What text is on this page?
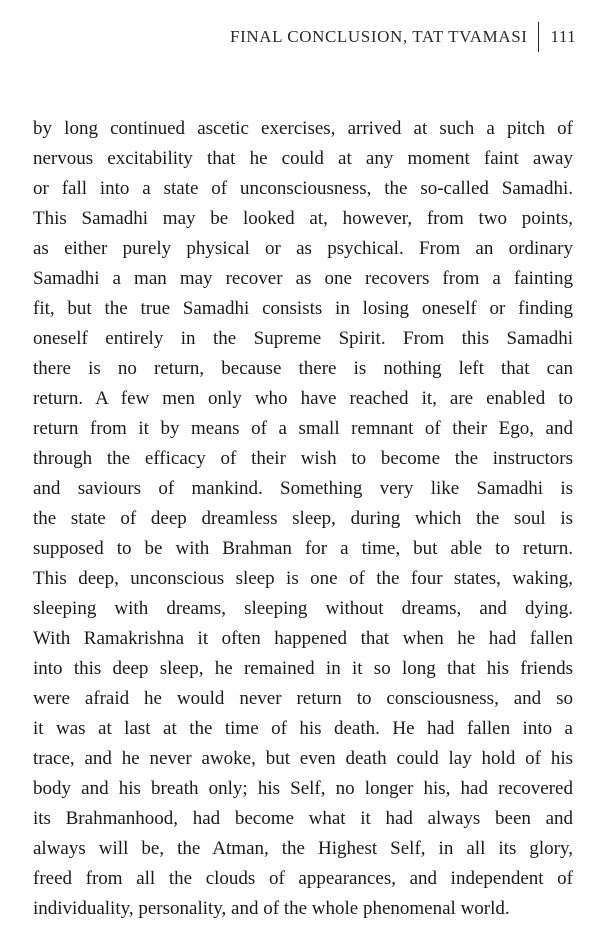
FINAL CONCLUSION, TAT TVAMASI 111
by long continued ascetic exercises, arrived at such a pitch of
nervous excitability that he could at any moment faint away
or fall into a state of unconsciousness, the so-called Samadhi.
This Samadhi may be looked at, however, from two points,
as either purely physical or as psychical. From an ordinary
Samadhi a man may recover as one recovers from a fainting
fit, but the true Samadhi consists in losing oneself or finding
oneself entirely in the Supreme Spirit. From this Samadhi
there is no return, because there is nothing left that can
return. A few men only who have reached it, are enabled to
return from it by means of a small remnant of their Ego, and
through the efficacy of their wish to become the instructors
and saviours of mankind. Something very like Samadhi is
the state of deep dreamless sleep, during which the soul is
supposed to be with Brahman for a time, but able to return.
This deep, unconscious sleep is one of the four states, waking,
sleeping with dreams, sleeping without dreams, and dying.
With Ramakrishna it often happened that when he had fallen
into this deep sleep, he remained in it so long that his friends
were afraid he would never return to consciousness, and so
it was at last at the time of his death. He had fallen into a
trace, and he never awoke, but even death could lay hold of his
body and his breath only; his Self, no longer his, had recovered
its Brahmanhood, had become what it had always been and
always will be, the Atman, the Highest Self, in all its glory,
freed from all the clouds of appearances, and independent of
individuality, personality, and of the whole phenomenal world.
